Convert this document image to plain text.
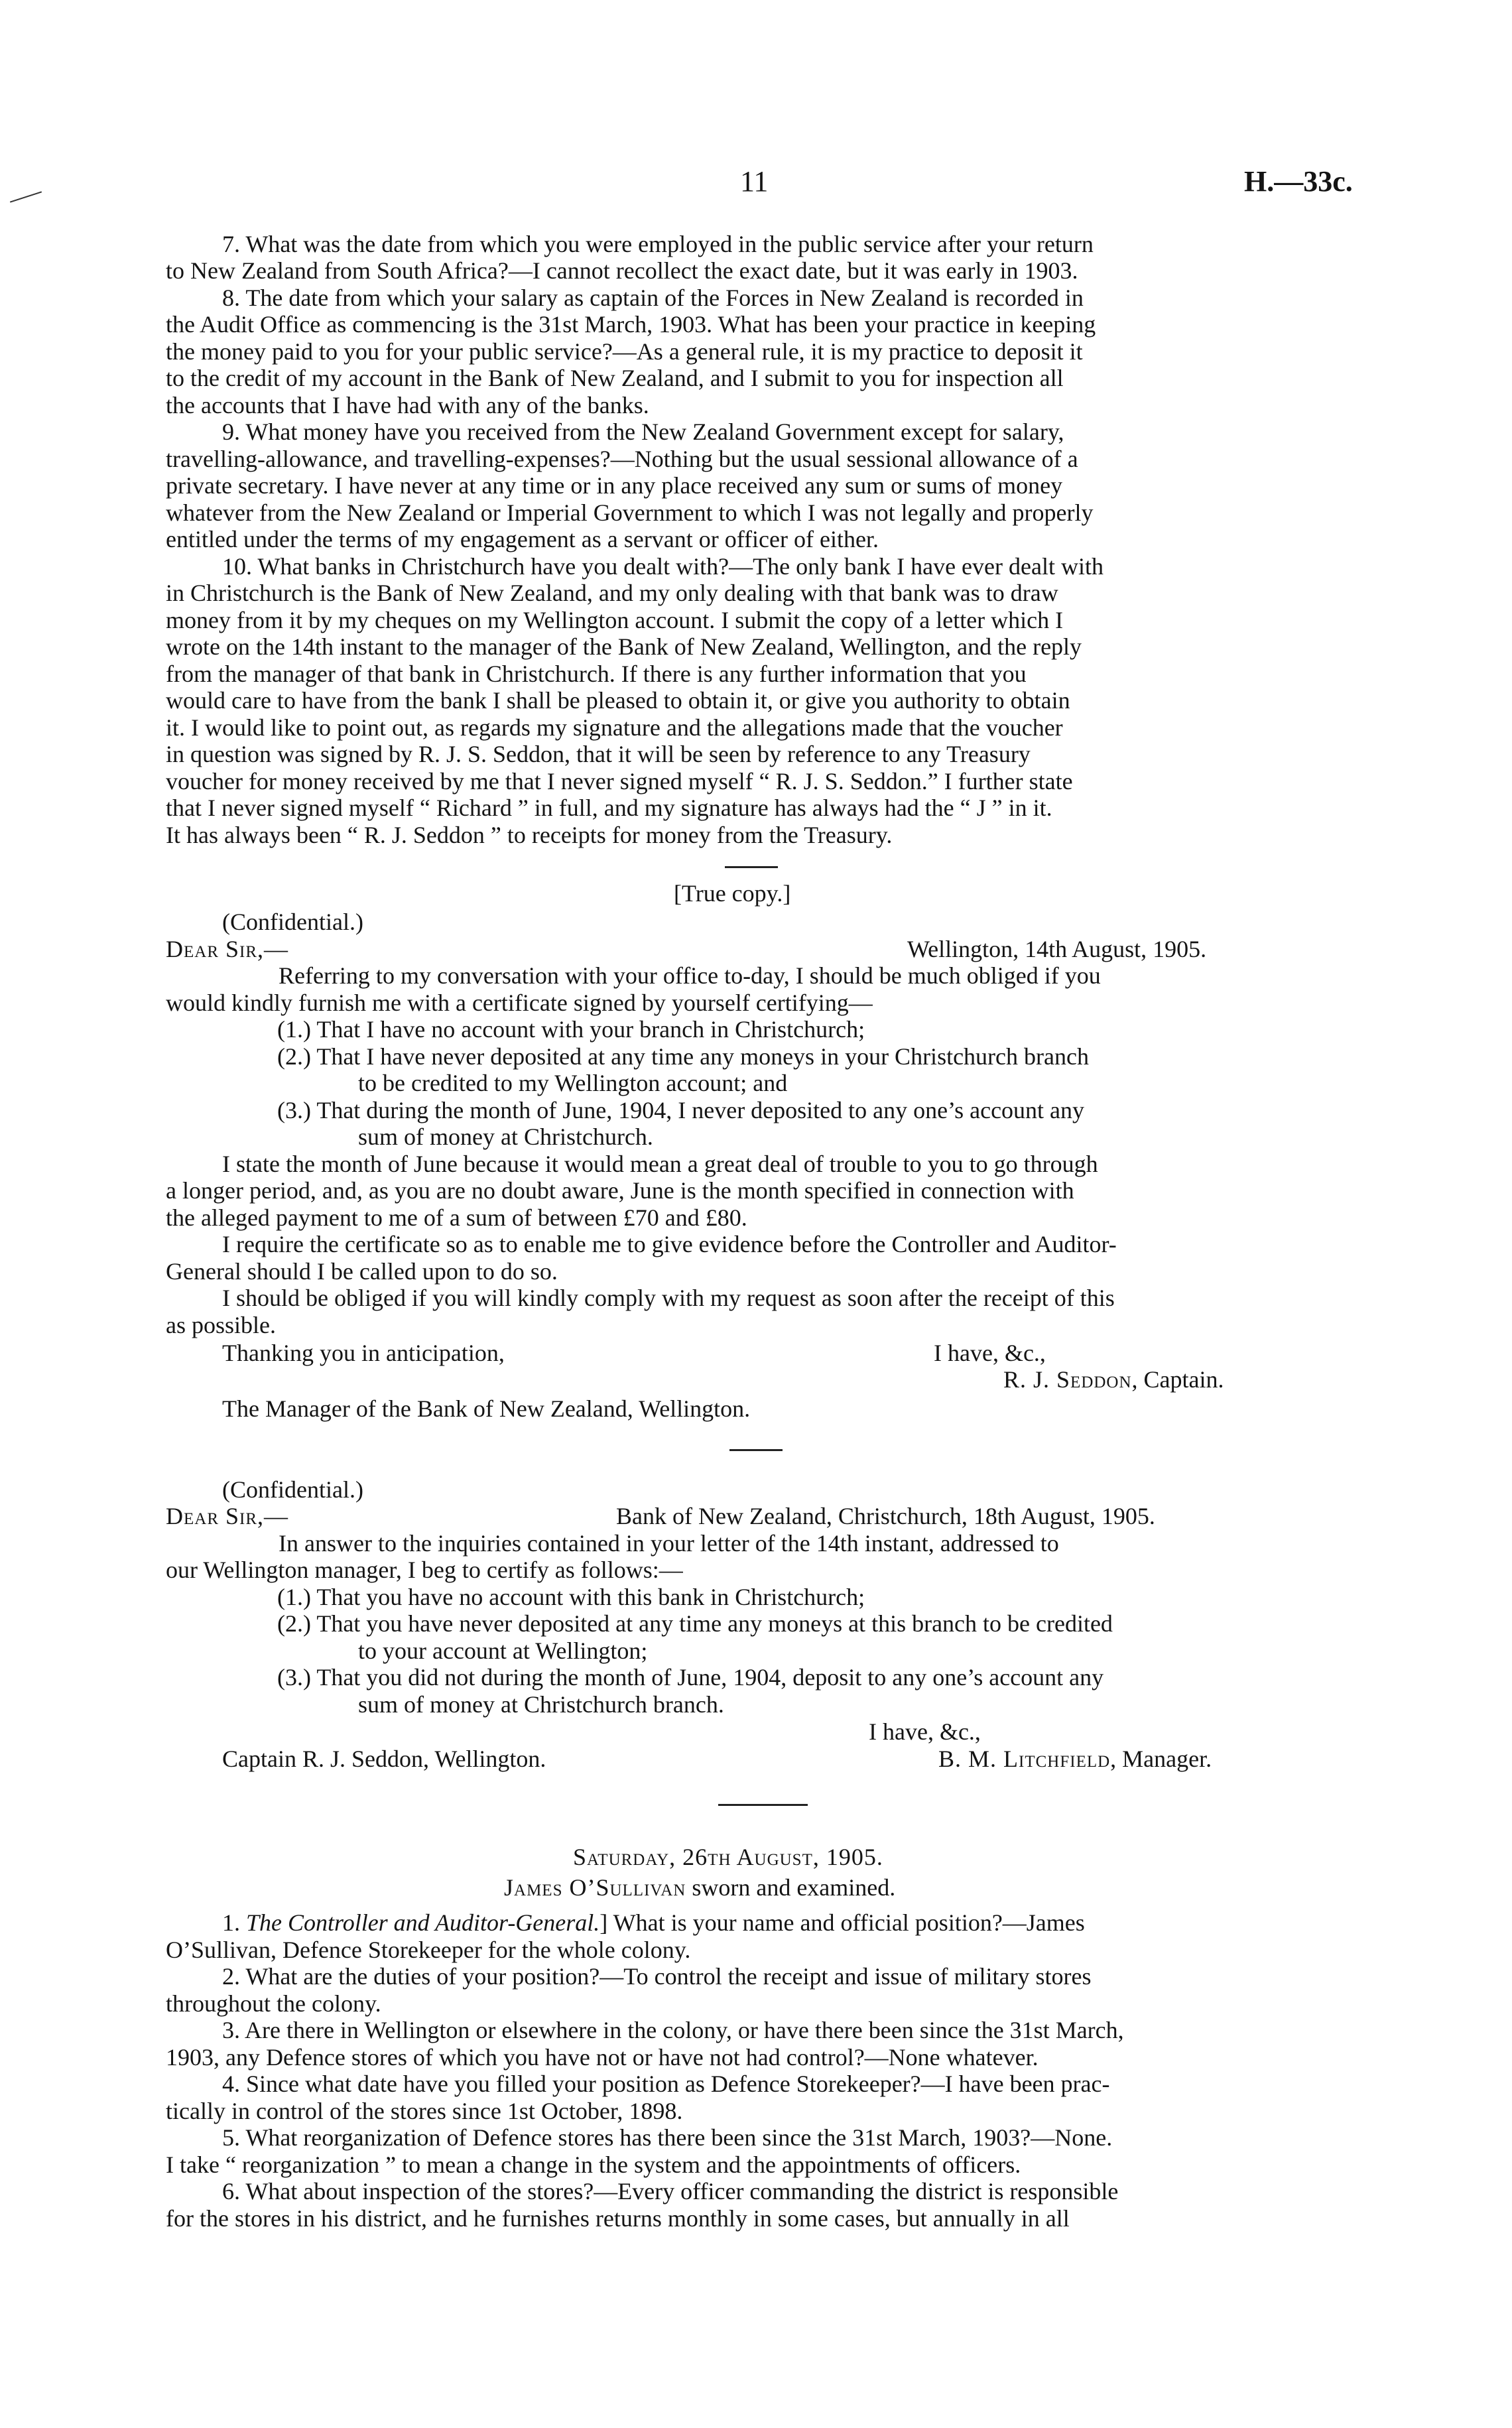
11	H.—33c.
7. What was the date from which you were employed in the public service after your return
to New Zealand from South Africa?—I cannot recollect the exact date, but it was early in 1903.
8. The date from which your salary as captain of the Forces in New Zealand is recorded in
the Audit Office as commencing is the 31st March, 1903. What has been your practice in keeping
the money paid to you for your public service?—As a general rule, it is my practice to deposit it
to the credit of my account in the Bank of New Zealand, and I submit to you for inspection all
the accounts that I have had with any of the banks.
9. What money have you received from the New Zealand Government except for salary,
travelling-allowance, and travelling-expenses?—Nothing but the usual sessional allowance of a
private secretary. I have never at any time or in any place received any sum or sums of money
whatever from the New Zealand or Imperial Government to which I was not legally and properly
entitled under the terms of my engagement as a servant or officer of either.
10. What banks in Christchurch have you dealt with?—The only bank I have ever dealt with
in Christchurch is the Bank of New Zealand, and my only dealing with that bank was to draw
money from it by my cheques on my Wellington account. I submit the copy of a letter which I
wrote on the 14th instant to the manager of the Bank of New Zealand, Wellington, and the reply
from the manager of that bank in Christchurch. If there is any further information that you
would care to have from the bank I shall be pleased to obtain it, or give you authority to obtain
it. I would like to point out, as regards my signature and the allegations made that the voucher
in question was signed by R. J. S. Seddon, that it will be seen by reference to any Treasury
voucher for money received by me that I never signed myself “ R. J. S. Seddon.” I further state
that I never signed myself “ Richard ” in full, and my signature has always had the “ J ” in it.
It has always been “ R. J. Seddon ” to receipts for money from the Treasury.
[True copy.]
(Confidential.)
Dear Sir,—	Wellington, 14th August, 1905.
Referring to my conversation with your office to-day, I should be much obliged if you
would kindly furnish me with a certificate signed by yourself certifying—
(1.) That I have no account with your branch in Christchurch;
(2.) That I have never deposited at any time any moneys in your Christchurch branch
to be credited to my Wellington account; and
(3.) That during the month of June, 1904, I never deposited to any one’s account any
sum of money at Christchurch.
I state the month of June because it would mean a great deal of trouble to you to go through
a longer period, and, as you are no doubt aware, June is the month specified in connection with
the alleged payment to me of a sum of between £70 and £80.
I require the certificate so as to enable me to give evidence before the Controller and Auditor-
General should I be called upon to do so.
I should be obliged if you will kindly comply with my request as soon after the receipt of this
as possible.
Thanking you in anticipation,	I have, &c.,
R. J. Seddon, Captain.
The Manager of the Bank of New Zealand, Wellington.
(Confidential.)
Dear Sir,—	Bank of New Zealand, Christchurch, 18th August, 1905.
In answer to the inquiries contained in your letter of the 14th instant, addressed to
our Wellington manager, I beg to certify as follows:—
(1.) That you have no account with this bank in Christchurch;
(2.) That you have never deposited at any time any moneys at this branch to be credited
to your account at Wellington;
(3.) That you did not during the month of June, 1904, deposit to any one’s account any
sum of money at Christchurch branch.
I have, &c.,
Captain R. J. Seddon, Wellington.	B. M. Litchfield, Manager.
Saturday, 26th August, 1905.
James O’Sullivan sworn and examined.
1. The Controller and Auditor-General.] What is your name and official position?—James
O’Sullivan, Defence Storekeeper for the whole colony.
2. What are the duties of your position?—To control the receipt and issue of military stores
throughout the colony.
3. Are there in Wellington or elsewhere in the colony, or have there been since the 31st March,
1903, any Defence stores of which you have not or have not had control?—None whatever.
4. Since what date have you filled your position as Defence Storekeeper?—I have been prac-
tically in control of the stores since 1st October, 1898.
5. What reorganization of Defence stores has there been since the 31st March, 1903?—None.
I take “ reorganization ” to mean a change in the system and the appointments of officers.
6. What about inspection of the stores?—Every officer commanding the district is responsible
for the stores in his district, and he furnishes returns monthly in some cases, but annually in all
